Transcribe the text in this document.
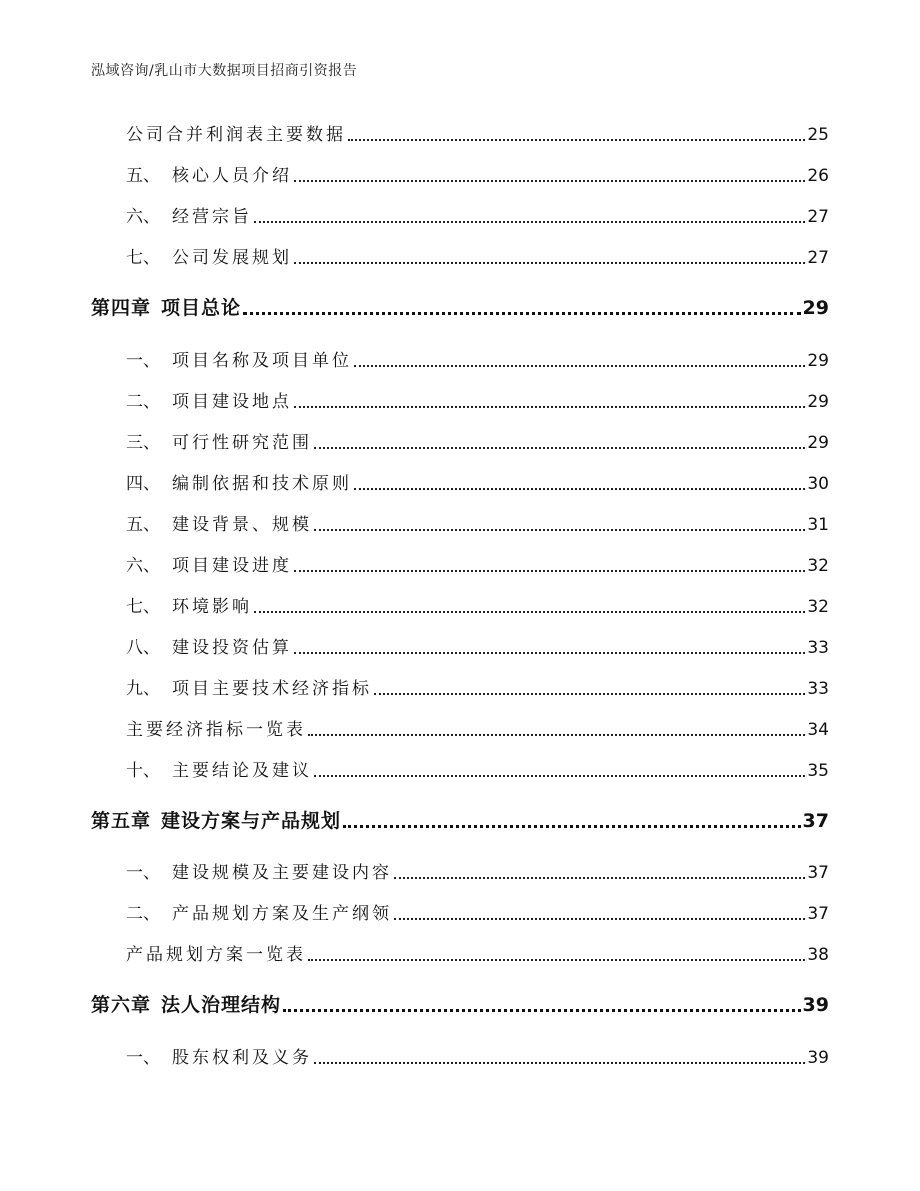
泓域咨询/乳山市大数据项目招商引资报告
公司合并利润表主要数据	25
五、 核心人员介绍	26
六、 经营宗旨	27
七、 公司发展规划	27
第四章 项目总论	29
一、 项目名称及项目单位	29
二、 项目建设地点	29
三、 可行性研究范围	29
四、 编制依据和技术原则	30
五、 建设背景、规模	31
六、 项目建设进度	32
七、 环境影响	32
八、 建设投资估算	33
九、 项目主要技术经济指标	33
主要经济指标一览表	34
十、 主要结论及建议	35
第五章 建设方案与产品规划	37
一、 建设规模及主要建设内容	37
二、 产品规划方案及生产纲领	37
产品规划方案一览表	38
第六章 法人治理结构	39
一、 股东权利及义务	39
